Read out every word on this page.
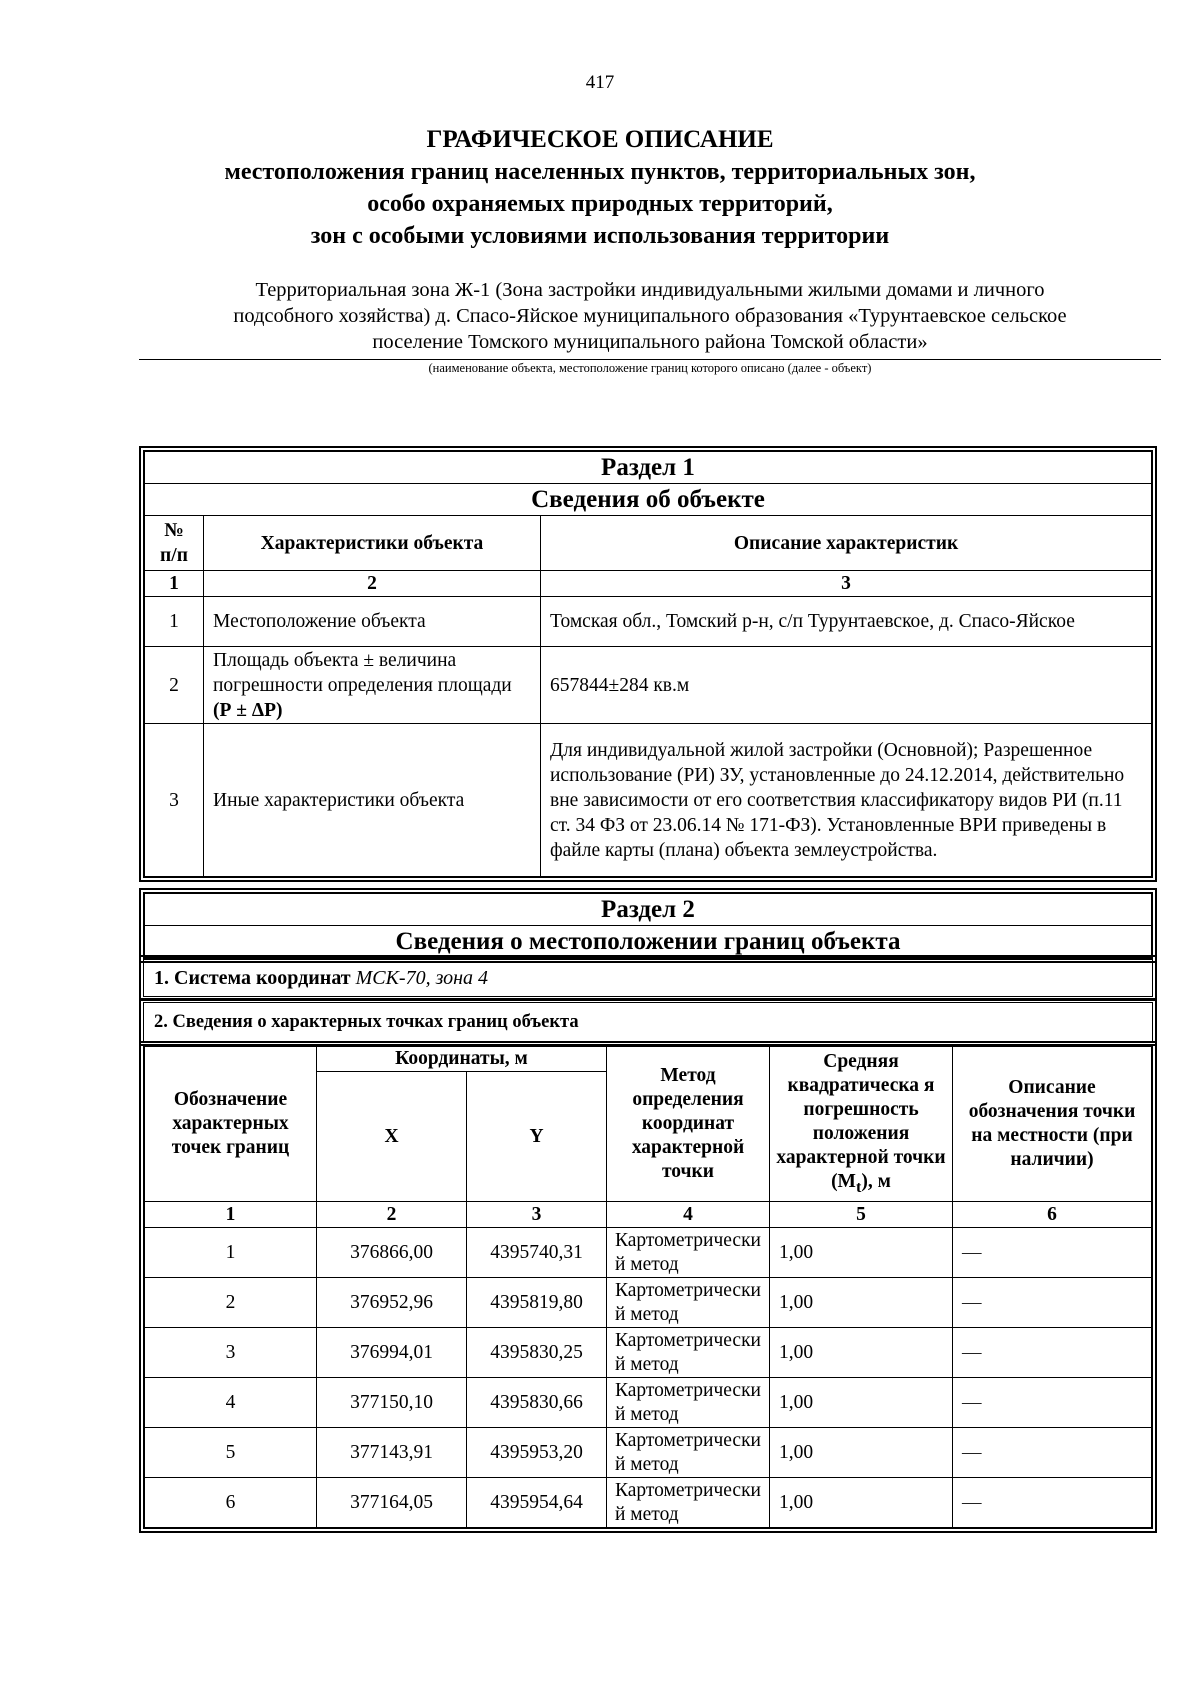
417
ГРАФИЧЕСКОЕ ОПИСАНИЕ
местоположения границ населенных пунктов, территориальных зон,
особо охраняемых природных территорий,
зон с особыми условиями использования территории
Территориальная зона Ж-1 (Зона застройки индивидуальными жилыми домами и личного
подсобного хозяйства) д. Спасо-Яйское муниципального образования «Турунтаевское сельское
поселение Томского муниципального района Томской области»
(наименование объекта, местоположение границ которого описано (далее - объект)
Раздел 1		
Сведения об объекте		
№ п/п	Характеристики объекта	Описание характеристик
1	2	3
1	Местоположение объекта	Томская обл., Томский р-н, с/п Турунтаевское, д. Спасо-Яйское
2	Площадь объекта ± величина погрешности определения площади (Р ± ΔР)	657844±284 кв.м
3	Иные характеристики объекта	Для индивидуальной жилой застройки (Основной); Разрешенное использование (РИ) ЗУ, установленные до 24.12.2014, действительно вне зависимости от его соответствия классификатору видов РИ (п.11 ст. 34 ФЗ от 23.06.14 № 171-ФЗ). Установленные ВРИ приведены в файле карты (плана) объекта землеустройства.
Раздел 2
Сведения о местоположении границ объекта
1. Система координат МСК-70, зона 4
2. Сведения о характерных точках границ объекта
Обозначение характерных точек границ	Координаты, м		Метод определения координат характерной точки	Средняя квадратическа я погрешность положения характерной точки $(M_t)$, м	Описание обозначения точки на местности (при наличии)
	X	Y			
1	2	3	4	5	6
1	376866,00	4395740,31	Картометрически й метод	1,00	—
2	376952,96	4395819,80	Картометрически й метод	1,00	—
3	376994,01	4395830,25	Картометрически й метод	1,00	—
4	377150,10	4395830,66	Картометрически й метод	1,00	—
5	377143,91	4395953,20	Картометрически й метод	1,00	—
6	377164,05	4395954,64	Картометрически й метод	1,00	—
